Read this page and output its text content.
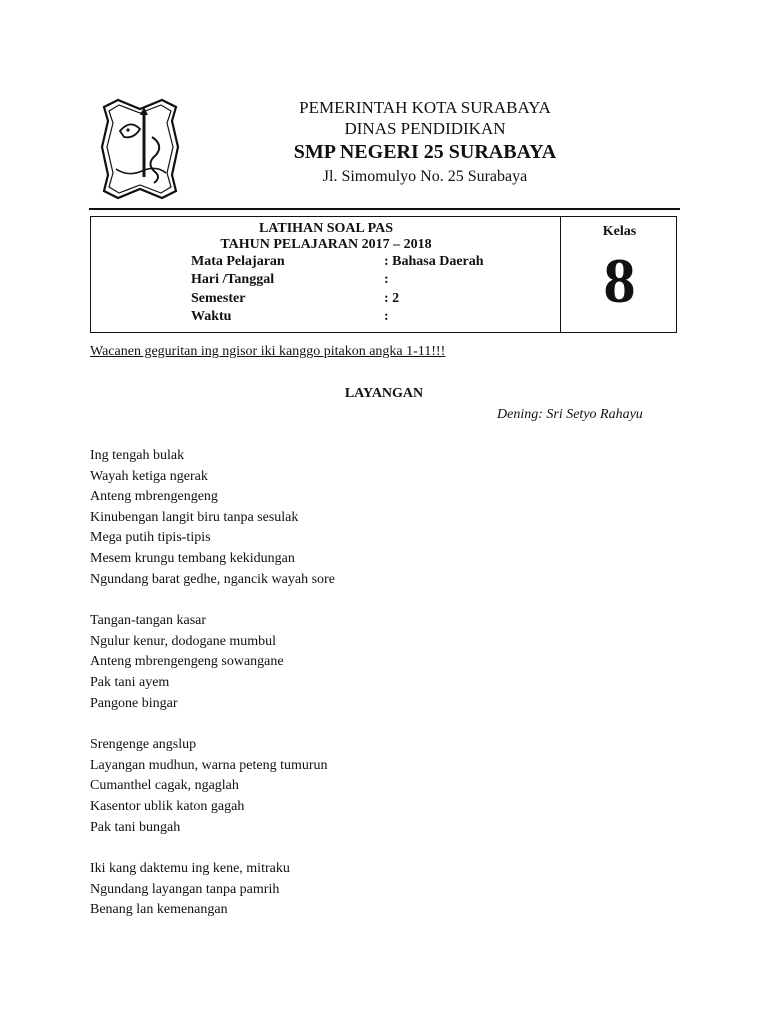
PEMERINTAH KOTA SURABAYA
DINAS PENDIDIKAN
SMP NEGERI 25 SURABAYA
Jl. Simomulyo No. 25 Surabaya
LATIHAN SOAL PAS
TAHUN PELAJARAN 2017 – 2018
Mata Pelajaran	: Bahasa Daerah
Hari /Tanggal	:
Semester	: 2
Waktu	:
Kelas
8
Wacanen geguritan ing ngisor iki kanggo pitakon angka 1-11!!!
LAYANGAN
Dening: Sri Setyo Rahayu
Ing tengah bulak
Wayah ketiga ngerak
Anteng mbrengengeng
Kinubengan langit biru tanpa sesulak
Mega putih tipis-tipis
Mesem krungu tembang kekidungan
Ngundang barat gedhe, ngancik wayah sore
Tangan-tangan kasar
Ngulur kenur, dodogane mumbul
Anteng mbrengengeng sowangane
Pak tani ayem
Pangone bingar
Srengenge angslup
Layangan mudhun, warna peteng tumurun
Cumanthel cagak, ngaglah
Kasentor ublik katon gagah
Pak tani bungah
Iki kang daktemu ing kene, mitraku
Ngundang layangan tanpa pamrih
Benang lan kemenangan
